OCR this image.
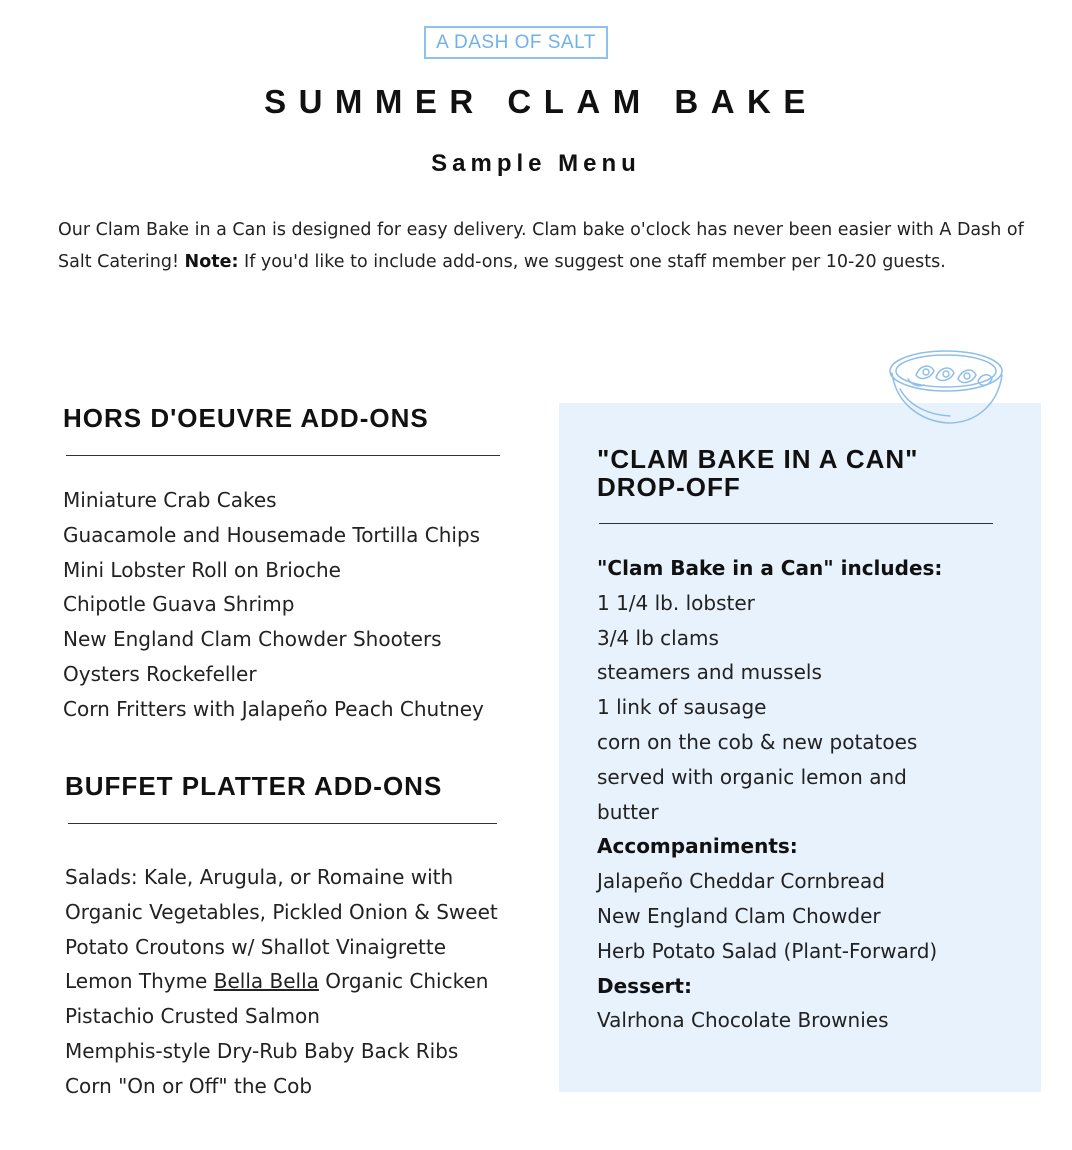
A DASH OF SALT
SUMMER CLAM BAKE
Sample Menu

Our Clam Bake in a Can is designed for easy delivery. Clam bake o'clock has never been easier with A Dash of Salt Catering! Note: If you'd like to include add-ons, we suggest one staff member per 10-20 guests.

HORS D'OEUVRE ADD-ONS
Miniature Crab Cakes
Guacamole and Housemade Tortilla Chips
Mini Lobster Roll on Brioche
Chipotle Guava Shrimp
New England Clam Chowder Shooters
Oysters Rockefeller
Corn Fritters with Jalapeño Peach Chutney
BUFFET PLATTER ADD-ONS
Salads: Kale, Arugula, or Romaine with
Organic Vegetables, Pickled Onion & Sweet
Potato Croutons w/ Shallot Vinaigrette
Lemon Thyme Bella Bella Organic Chicken
Pistachio Crusted Salmon
Memphis-style Dry-Rub Baby Back Ribs
Corn "On or Off" the Cob
"CLAM BAKE IN A CAN"
DROP-OFF
"Clam Bake in a Can" includes:
1 1/4 lb. lobster
3/4 lb clams
steamers and mussels
1 link of sausage
corn on the cob & new potatoes
served with organic lemon and
butter
Accompaniments:
Jalapeño Cheddar Cornbread
New England Clam Chowder
Herb Potato Salad (Plant-Forward)
Dessert:
Valrhona Chocolate Brownies
